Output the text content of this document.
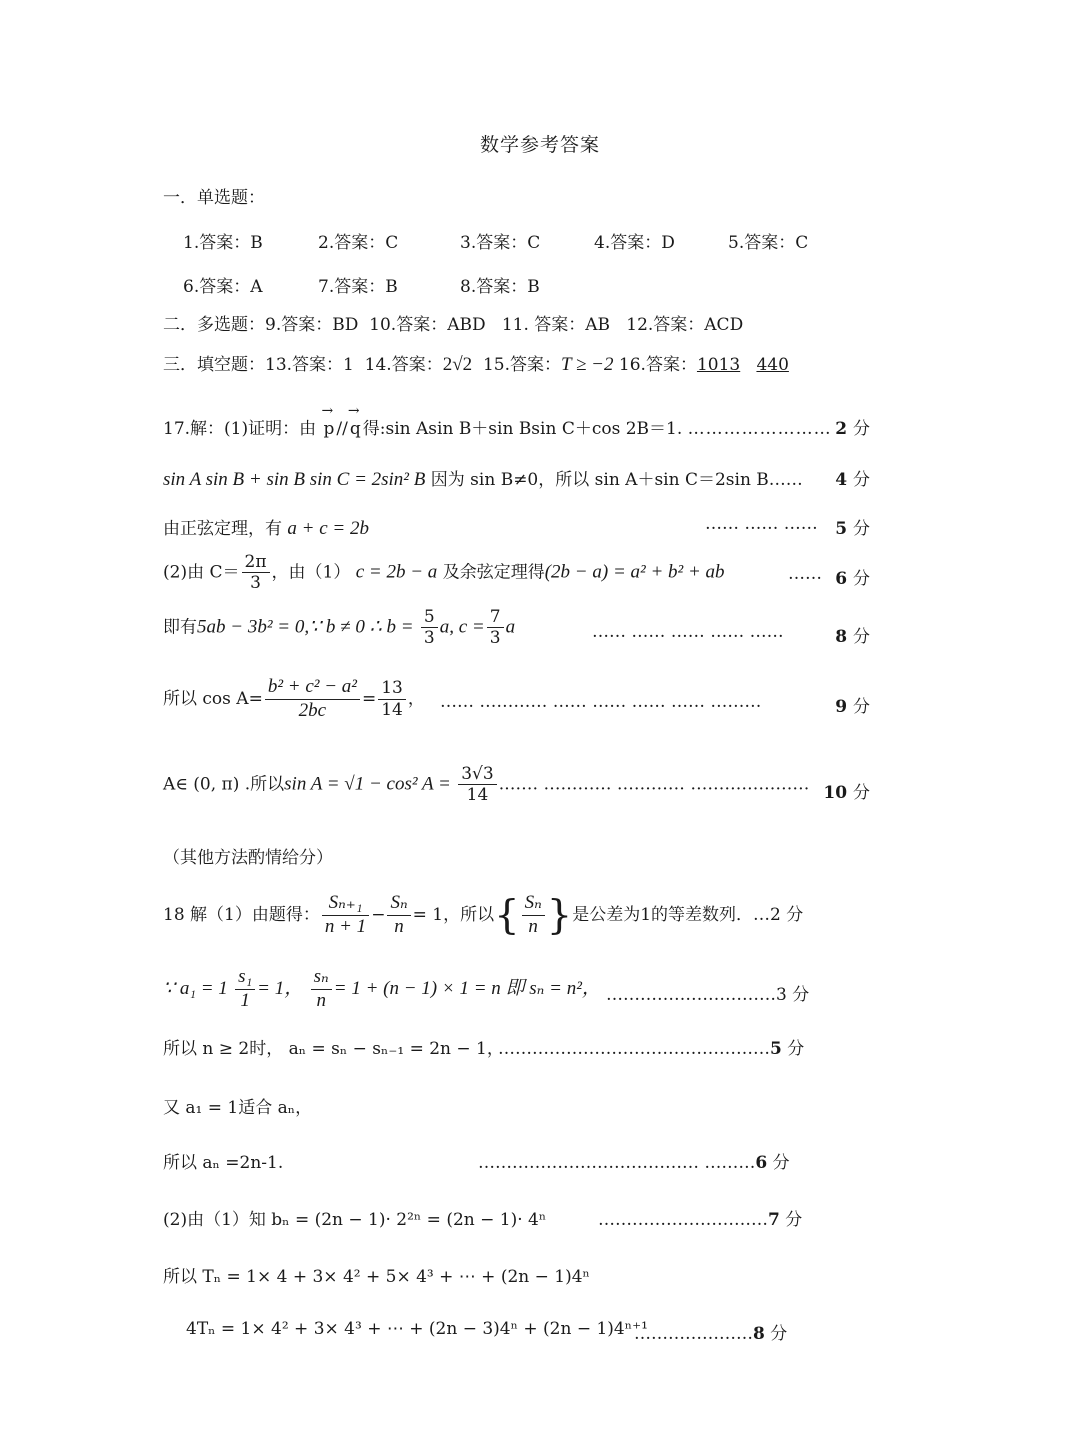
数学参考答案
一．单选题：
1.答案：B	2.答案：C	3.答案：C	4.答案：D	5.答案：C
6.答案：A	7.答案：B	8.答案：B
二．多选题：9.答案：BD 10.答案：ABD 11. 答案：AB 12.答案：ACD
三．填空题：13.答案：1 14.答案：2√2 15.答案：T ≥ −2 16.答案：1013 440
17.解：(1)证明：由 → p // → q 得:sin Asin B＋sin Bsin C＋cos 2B＝1. …………………… 2 分
sin A sin B + sin B sin C = 2sin² B 因为 sin B≠0，所以 sin A＋sin C＝2sin B…… 4 分
由正弦定理，有 a + c = 2b	…… …… …… 5 分
(2)由 $C= \frac{2\pi}{3}$ ，由（1） c = 2b − a 及余弦定理得(2b − a) = a² + b² + ab	…… 6 分
即有5ab − 3b² = 0,∵ b ≠ 0 ∴ $b = \frac{5}{3} a$, $c = \frac{7}{3}$ a	…… …… …… …… ……	8 分
所以 $\cos A= \frac{\text{b² + c² − a²}}{2bc} = \frac{13}{14}$ ， …… ………… …… …… …… …… ………	9 分
A∈ (0, π) .所以sin A = √1 − cos² $A = \frac{3√3}{14}$ .…… ………… ………… ………………… 10 分
（其他方法酌情给分）
18 解（1）由题得： $\frac{\text{Sₙ₊₁}}{n + 1} - \frac{\text{Sₙ}}{n} = 1$，所以{ $\frac{\text{Sₙ}}{n}$ }是公差为1的等差数列．…2 分
∵ $a_1 = 1 \frac{\text{s₁}}{1} = 1$， $\frac{\text{sₙ}}{n} = 1 + (n - 1) \times 1 = n$ 即 sₙ = n²， …………………………3 分
所以 n ≥ 2时， aₙ = sₙ − sₙ₋₁ = 2n − 1，
…………………………………………5 分
又 a₁ = 1适合 aₙ，
所以 aₙ =2n-1.	………………………………… ………6 分
(2)由（1）知 bₙ = (2n − 1)· 2²ⁿ = (2n − 1)· 4ⁿ	…………………………7 分
所以 Tₙ = 1× 4 + 3× 4² + 5× 4³ + ⋯ + (2n − 1)4ⁿ
4Tₙ = 1× 4² + 3× 4³ + ⋯ + (2n − 3)4ⁿ + (2n − 1)4ⁿ⁺¹
…………………8 分
